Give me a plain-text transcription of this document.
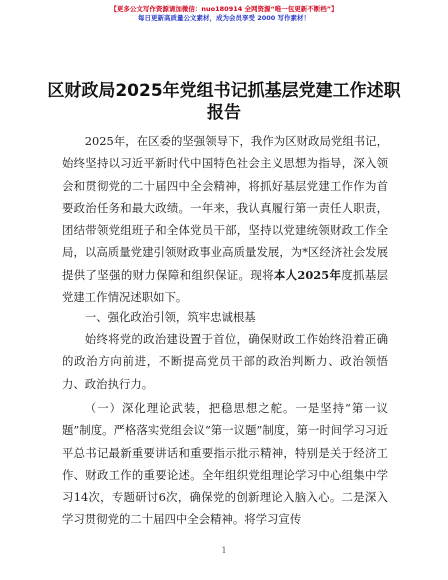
【更多公文写作资源请加微信：nuo180914 全网资源“唯一包更新不断档”】
每日更新高质量公文素材，成为会员享受 2000 写作素材！
区财政局2025年党组书记抓基层党建工作述职报告

2025年，在区委的坚强领导下，我作为区财政局党组书记，始终坚持以习近平新时代中国特色社会主义思想为指导，深入领会和贯彻党的二十届四中全会精神，将抓好基层党建工作作为首要政治任务和最大政绩。一年来，我认真履行第一责任人职责，团结带领党组班子和全体党员干部，坚持以党建统领财政工作全局，以高质量党建引领财政事业高质量发展，为*区经济社会发展提供了坚强的财力保障和组织保证。现将本人2025年度抓基层党建工作情况述职如下。

一、强化政治引领，筑牢忠诚根基

始终将党的政治建设置于首位，确保财政工作始终沿着正确的政治方向前进，不断提高党员干部的政治判断力、政治领悟力、政治执行力。

（一）深化理论武装，把稳思想之舵。一是坚持“第一议题”制度。严格落实党组会议“第一议题”制度，第一时间学习习近平总书记最新重要讲话和重要指示批示精神，特别是关于经济工作、财政工作的重要论述。全年组织党组理论学习中心组集中学习14次，专题研讨6次，确保党的创新理论入脑入心。二是深入学习贯彻党的二十届四中全会精神。将学习宣传

1
